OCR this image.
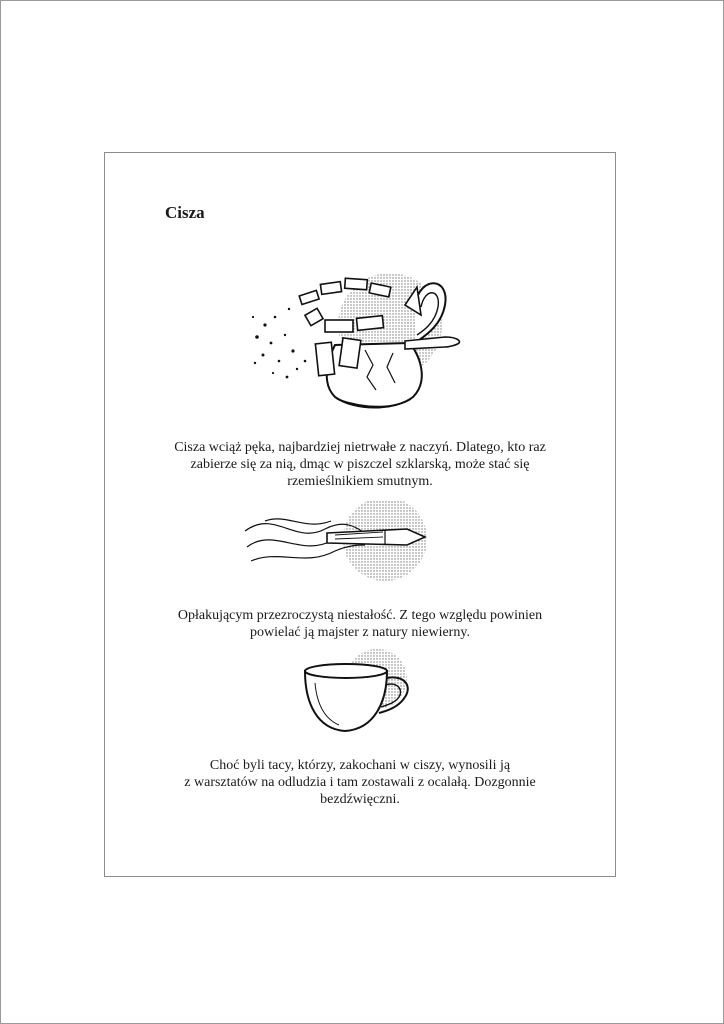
Cisza

Cisza wciąż pęka, najbardziej nietrwałe z naczyń. Dlatego, kto raz
zabierze się za nią, dmąc w piszczel szklarską, może stać się
rzemieślnikiem smutnym.

Opłakującym przezroczystą niestałość. Z tego względu powinien
powielać ją majster z natury niewierny.

Choć byli tacy, którzy, zakochani w ciszy, wynosili ją
z warsztatów na odludzia i tam zostawali z ocalałą. Dozgonnie
bezdźwięczni.
